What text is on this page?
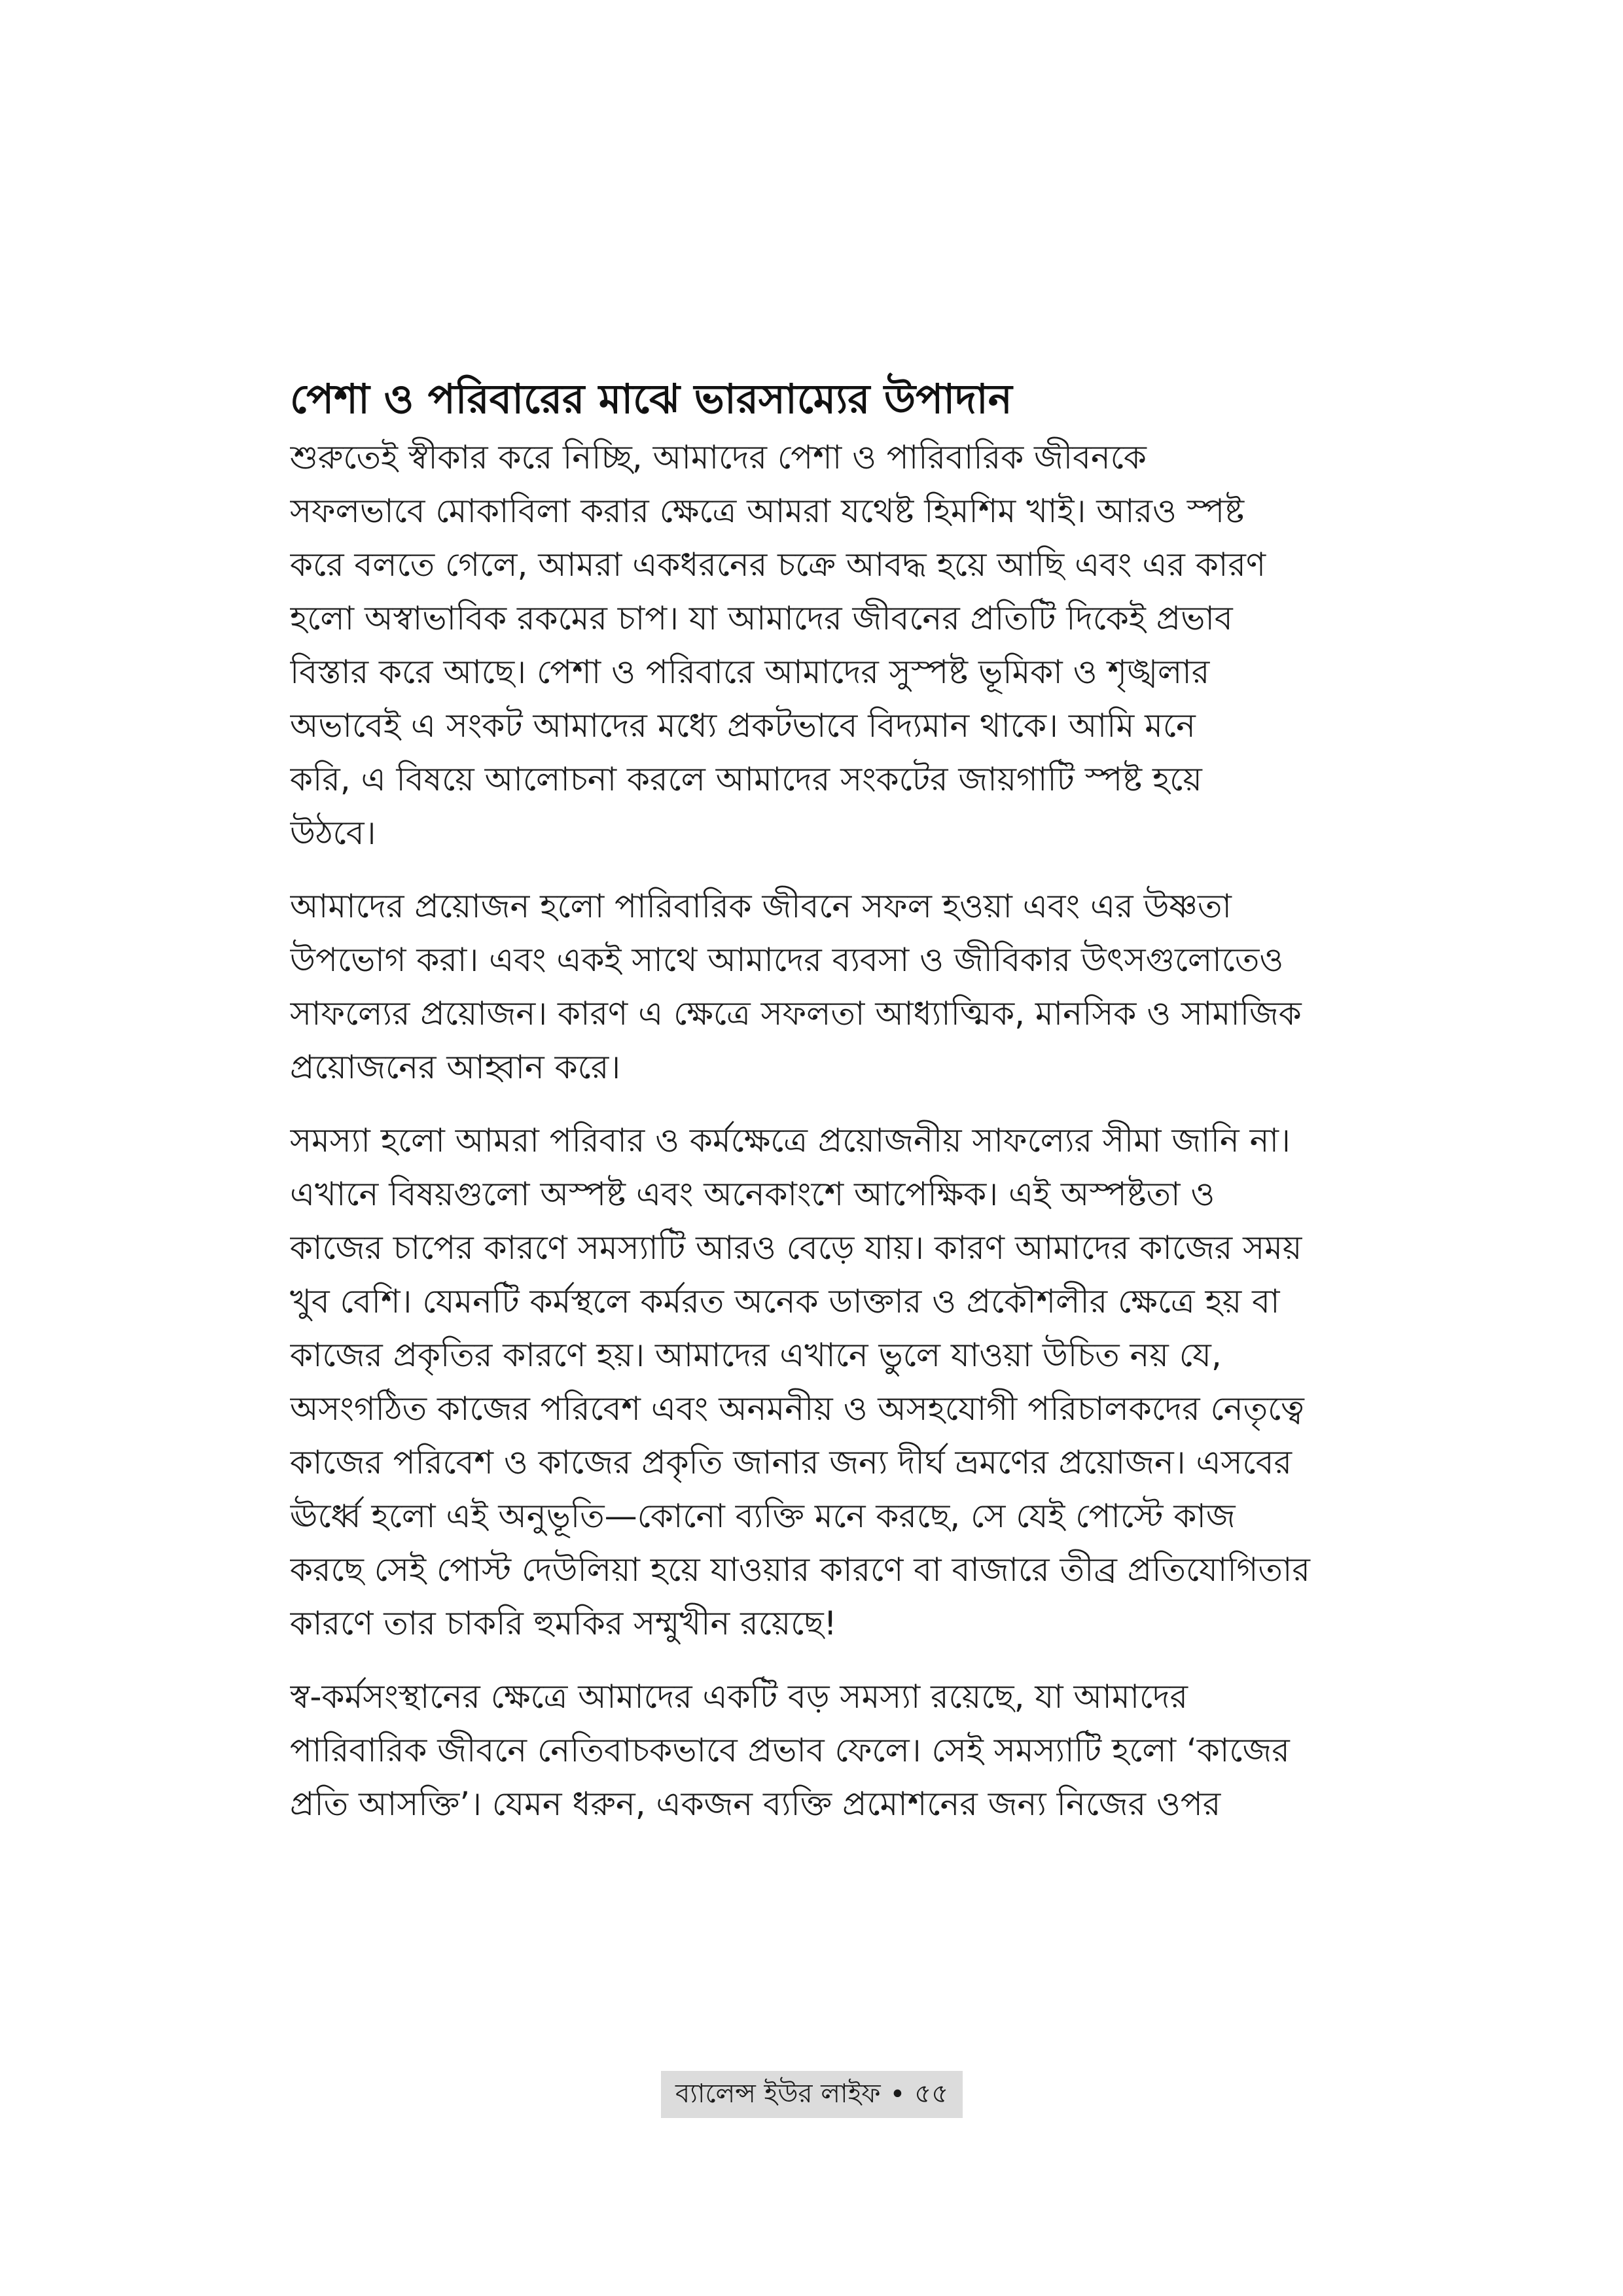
পেশা ও পরিবারের মাঝে ভারসাম্যের উপাদান

শুরুতেই স্বীকার করে নিচ্ছি, আমাদের পেশা ও পারিবারিক জীবনকে
সফলভাবে মোকাবিলা করার ক্ষেত্রে আমরা যথেষ্ট হিমশিম খাই। আরও স্পষ্ট
করে বলতে গেলে, আমরা একধরনের চক্রে আবদ্ধ হয়ে আছি এবং এর কারণ
হলো অস্বাভাবিক রকমের চাপ। যা আমাদের জীবনের প্রতিটি দিকেই প্রভাব
বিস্তার করে আছে। পেশা ও পরিবারে আমাদের সুস্পষ্ট ভূমিকা ও শৃঙ্খলার
অভাবেই এ সংকট আমাদের মধ্যে প্রকটভাবে বিদ্যমান থাকে। আমি মনে
করি, এ বিষয়ে আলোচনা করলে আমাদের সংকটের জায়গাটি স্পষ্ট হয়ে
উঠবে।

আমাদের প্রয়োজন হলো পারিবারিক জীবনে সফল হওয়া এবং এর উষ্ণতা
উপভোগ করা। এবং একই সাথে আমাদের ব্যবসা ও জীবিকার উৎসগুলোতেও
সাফল্যের প্রয়োজন। কারণ এ ক্ষেত্রে সফলতা আধ্যাত্মিক, মানসিক ও সামাজিক
প্রয়োজনের আহ্বান করে।

সমস্যা হলো আমরা পরিবার ও কর্মক্ষেত্রে প্রয়োজনীয় সাফল্যের সীমা জানি না।
এখানে বিষয়গুলো অস্পষ্ট এবং অনেকাংশে আপেক্ষিক। এই অস্পষ্টতা ও
কাজের চাপের কারণে সমস্যাটি আরও বেড়ে যায়। কারণ আমাদের কাজের সময়
খুব বেশি। যেমনটি কর্মস্থলে কর্মরত অনেক ডাক্তার ও প্রকৌশলীর ক্ষেত্রে হয় বা
কাজের প্রকৃতির কারণে হয়। আমাদের এখানে ভুলে যাওয়া উচিত নয় যে,
অসংগঠিত কাজের পরিবেশ এবং অনমনীয় ও অসহযোগী পরিচালকদের নেতৃত্বে
কাজের পরিবেশ ও কাজের প্রকৃতি জানার জন্য দীর্ঘ ভ্রমণের প্রয়োজন। এসবের
ঊর্ধ্বে হলো এই অনুভূতি—কোনো ব্যক্তি মনে করছে, সে যেই পোস্টে কাজ
করছে সেই পোস্ট দেউলিয়া হয়ে যাওয়ার কারণে বা বাজারে তীব্র প্রতিযোগিতার
কারণে তার চাকরি হুমকির সম্মুখীন রয়েছে!

স্ব-কর্মসংস্থানের ক্ষেত্রে আমাদের একটি বড় সমস্যা রয়েছে, যা আমাদের
পারিবারিক জীবনে নেতিবাচকভাবে প্রভাব ফেলে। সেই সমস্যাটি হলো ‘কাজের
প্রতি আসক্তি’। যেমন ধরুন, একজন ব্যক্তি প্রমোশনের জন্য নিজের ওপর

ব্যালেন্স ইউর লাইফ • ৫৫
